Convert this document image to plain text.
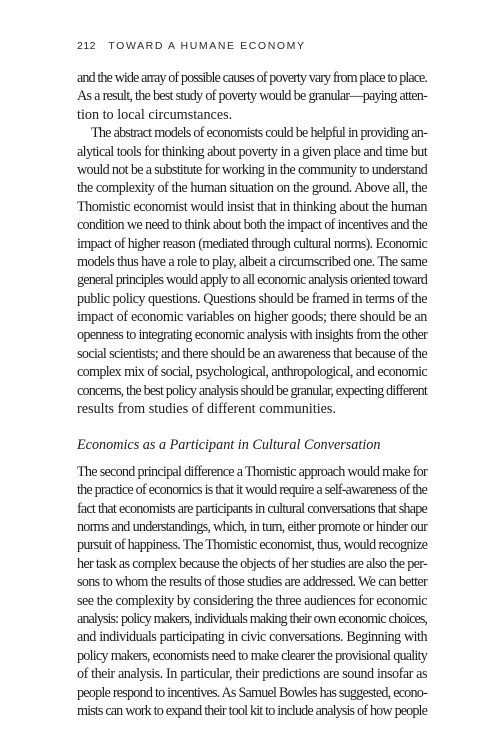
212 TOWARD A HUMANE ECONOMY
and the wide array of possible causes of poverty vary from place to place.
As a result, the best study of poverty would be granular—paying atten-
tion to local circumstances.
The abstract models of economists could be helpful in providing an-
alytical tools for thinking about poverty in a given place and time but
would not be a substitute for working in the community to understand
the complexity of the human situation on the ground. Above all, the
Thomistic economist would insist that in thinking about the human
condition we need to think about both the impact of incentives and the
impact of higher reason (mediated through cultural norms). Economic
models thus have a role to play, albeit a circumscribed one. The same
general principles would apply to all economic analysis oriented toward
public policy questions. Questions should be framed in terms of the
impact of economic variables on higher goods; there should be an
openness to integrating economic analysis with insights from the other
social scientists; and there should be an awareness that because of the
complex mix of social, psychological, anthropological, and economic
concerns, the best policy analysis should be granular, expecting different
results from studies of different communities.
Economics as a Participant in Cultural Conversation
The second principal difference a Thomistic approach would make for
the practice of economics is that it would require a self-awareness of the
fact that economists are participants in cultural conversations that shape
norms and understandings, which, in turn, either promote or hinder our
pursuit of happiness. The Thomistic economist, thus, would recognize
her task as complex because the objects of her studies are also the per-
sons to whom the results of those studies are addressed. We can better
see the complexity by considering the three audiences for economic
analysis: policy makers, individuals making their own economic choices,
and individuals participating in civic conversations. Beginning with
policy makers, economists need to make clearer the provisional quality
of their analysis. In particular, their predictions are sound insofar as
people respond to incentives. As Samuel Bowles has suggested, econo-
mists can work to expand their tool kit to include analysis of how people
